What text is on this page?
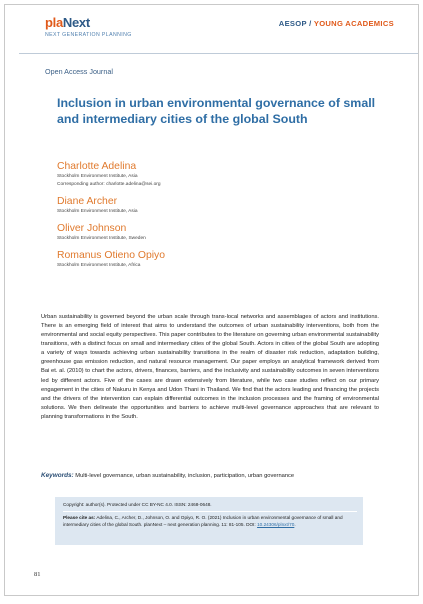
plaNext
NEXT GENERATION PLANNING
AESOP / YOUNG ACADEMICS
Open Access Journal
Inclusion in urban environmental governance of small and intermediary cities of the global South
Charlotte Adelina
Stockholm Environment Institute, Asia
Corresponding author: charlotte.adelina@sei.org
Diane Archer
Stockholm Environment Institute, Asia
Oliver Johnson
Stockholm Environment Institute, Sweden
Romanus Otieno Opiyo
Stockholm Environment Institute, Africa

Urban sustainability is governed beyond the urban scale through trans-local networks and assemblages of actors and institutions. There is an emerging field of interest that aims to understand the outcomes of urban sustainability interventions, both from the environmental and social equity perspectives. This paper contributes to the literature on governing urban environmental sustainability transitions, with a distinct focus on small and intermediary cities of the global South. Actors in cities of the global South are adopting a variety of ways towards achieving urban sustainability transitions in the realm of disaster risk reduction, adaptation building, greenhouse gas emission reduction, and natural resource management. Our paper employs an analytical framework derived from Bai et. al. (2010) to chart the actors, drivers, finances, barriers, and the inclusivity and sustainability outcomes in seven interventions led by different actors. Five of the cases are drawn extensively from literature, while two case studies reflect on our primary engagement in the cities of Nakuru in Kenya and Udon Thani in Thailand. We find that the actors leading and financing the projects and the drivers of the intervention can explain differential outcomes in the inclusion processes and the framing of environmental solutions. We then delineate the opportunities and barriers to achieve multi-level governance approaches that are relevant to planning transformations in the South.

Keywords: Multi-level governance, urban sustainability, inclusion, participation, urban governance
Copyright: author(s). Protected under CC BY-NC 4.0. ISSN: 2468-0648.
Please cite as: Adelina, C., Archer, D., Johnson, O. and Opiyo, R. O. (2021) Inclusion in urban environmental governance of small and intermediary cities of the global South. planNext – next generation planning. 11: 81-105. DOI: 10.24306/plnxt/70.
81
